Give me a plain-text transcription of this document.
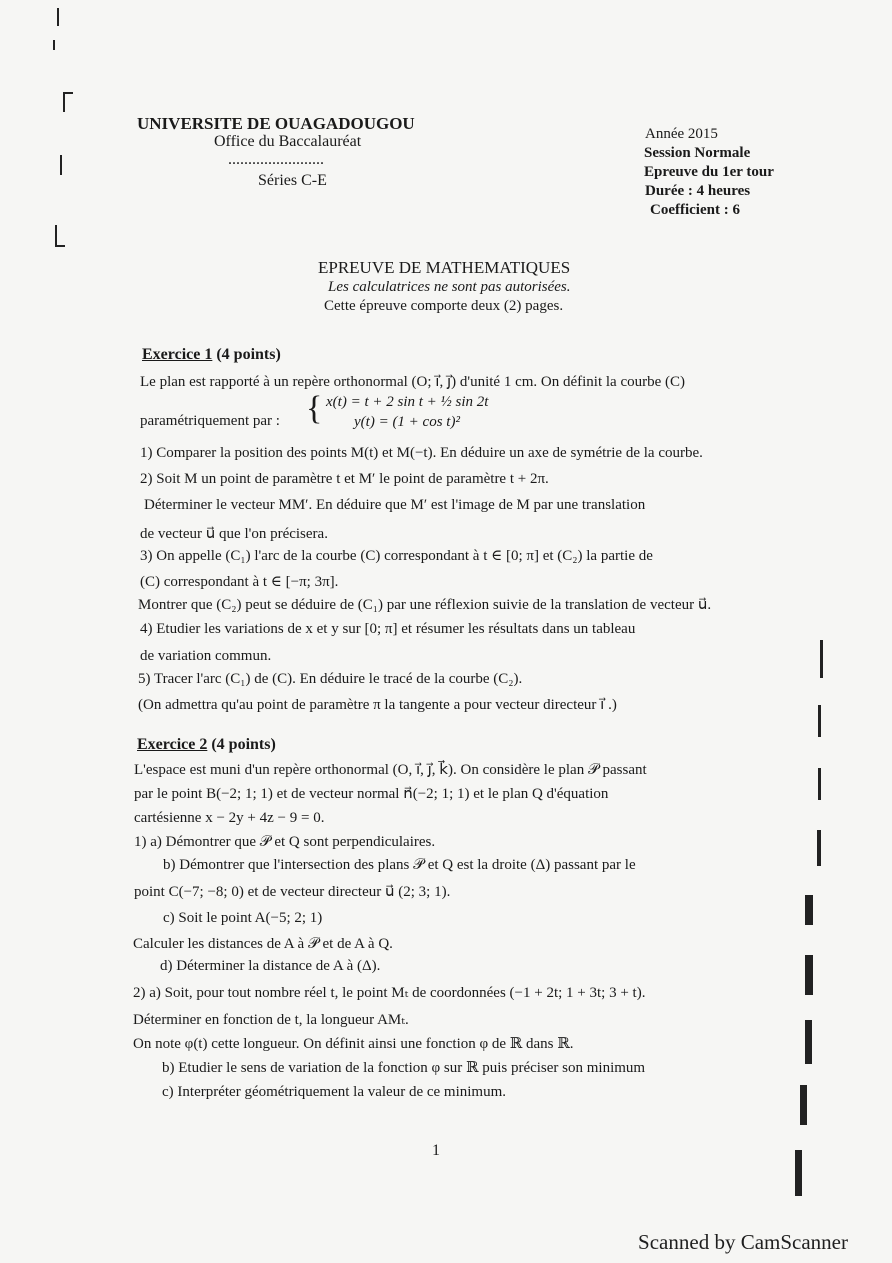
UNIVERSITE DE OUAGADOUGOU
Office du Baccalauréat
........................
Séries C-E
Année 2015
Session Normale
Epreuve du 1er tour
Durée : 4 heures
Coefficient : 6
EPREUVE DE MATHEMATIQUES
Les calculatrices ne sont pas autorisées.
Cette épreuve comporte deux (2) pages.
Exercice 1 (4 points)
Le plan est rapporté à un repère orthonormal (O; i⃗, j⃗) d'unité 1 cm. On définit la courbe (C)
paramétriquement par : { x(t) = t + 2 sin t + ½ sin 2t
y(t) = (1 + cos t)²
1) Comparer la position des points M(t) et M(−t). En déduire un axe de symétrie de la courbe.
2) Soit M un point de paramètre t et M′ le point de paramètre t + 2π.
Déterminer le vecteur MM′. En déduire que M′ est l'image de M par une translation
de vecteur u⃗ que l'on précisera.
3) On appelle (C₁) l'arc de la courbe (C) correspondant à t ∈ [0; π] et (C₂) la partie de
(C) correspondant à t ∈ [−π; 3π].
Montrer que (C₂) peut se déduire de (C₁) par une réflexion suivie de la translation de vecteur u⃗.
4) Etudier les variations de x et y sur [0; π] et résumer les résultats dans un tableau
de variation commun.
5) Tracer l'arc (C₁) de (C). En déduire le tracé de la courbe (C₂).
(On admettra qu'au point de paramètre π la tangente a pour vecteur directeur i⃗ .)
Exercice 2 (4 points)
L'espace est muni d'un repère orthonormal (O, i⃗, j⃗, k⃗). On considère le plan 𝒫 passant
par le point B(−2; 1; 1) et de vecteur normal n⃗(−2; 1; 1) et le plan Q d'équation
cartésienne x − 2y + 4z − 9 = 0.
1) a) Démontrer que 𝒫 et Q sont perpendiculaires.
b) Démontrer que l'intersection des plans 𝒫 et Q est la droite (Δ) passant par le
point C(−7; −8; 0) et de vecteur directeur u⃗ (2; 3; 1).
c) Soit le point A(−5; 2; 1)
Calculer les distances de A à 𝒫 et de A à Q.
d) Déterminer la distance de A à (Δ).
2) a) Soit, pour tout nombre réel t, le point Mₜ de coordonnées (−1 + 2t; 1 + 3t; 3 + t).
Déterminer en fonction de t, la longueur AMₜ.
On note φ(t) cette longueur. On définit ainsi une fonction φ de ℝ dans ℝ.
b) Etudier le sens de variation de la fonction φ sur ℝ puis préciser son minimum
c) Interpréter géométriquement la valeur de ce minimum.
1
Scanned by CamScanner
